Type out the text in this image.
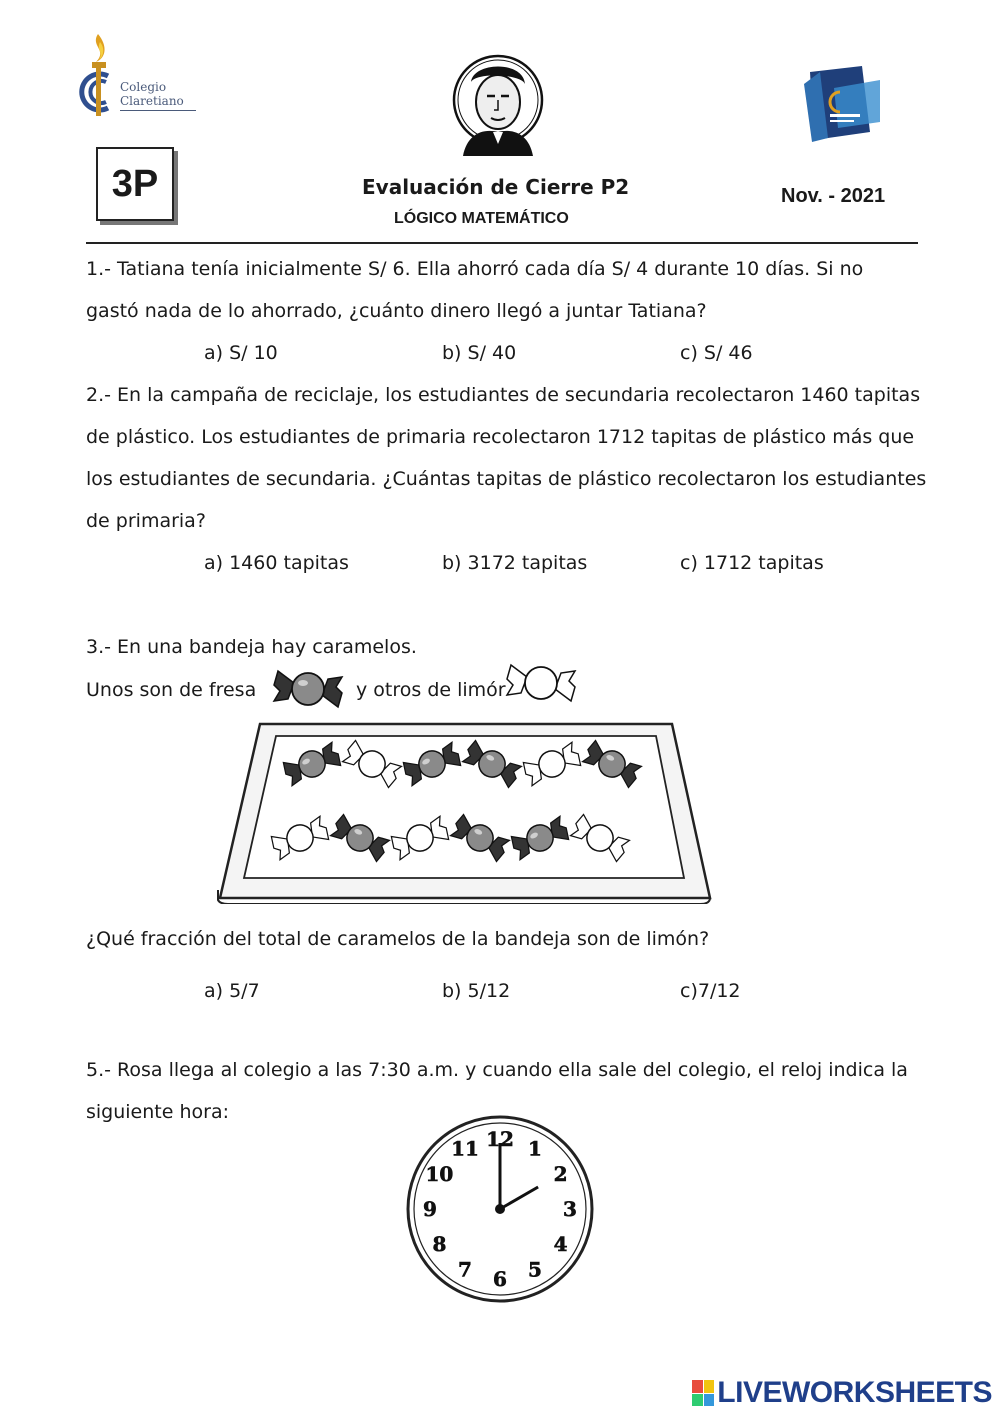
Colegio
Claretiano
3P	Evaluación de Cierre P2
LÓGICO MATEMÁTICO
Nov. - 2021
1.- Tatiana tenía inicialmente S/ 6. Ella ahorró cada día S/ 4 durante 10 días. Si no
gastó nada de lo ahorrado, ¿cuánto dinero llegó a juntar Tatiana?
a) S/ 10	b) S/ 40	c) S/ 46
2.- En la campaña de reciclaje, los estudiantes de secundaria recolectaron 1460 tapitas
de plástico. Los estudiantes de primaria recolectaron 1712 tapitas de plástico más que
los estudiantes de secundaria. ¿Cuántas tapitas de plástico recolectaron los estudiantes
de primaria?
a) 1460 tapitas	b) 3172 tapitas	c) 1712 tapitas
3.- En una bandeja hay caramelos.
Unos son de fresa	y otros de limór
¿Qué fracción del total de caramelos de la bandeja son de limón?
a) 5/7	b) 5/12	c)7/12
5.- Rosa llega al colegio a las 7:30 a.m. y cuando ella sale del colegio, el reloj indica la
siguiente hora:
12 1
2
3
4
5
6
7
8
9
10
11
LIVEWORKSHEETS
